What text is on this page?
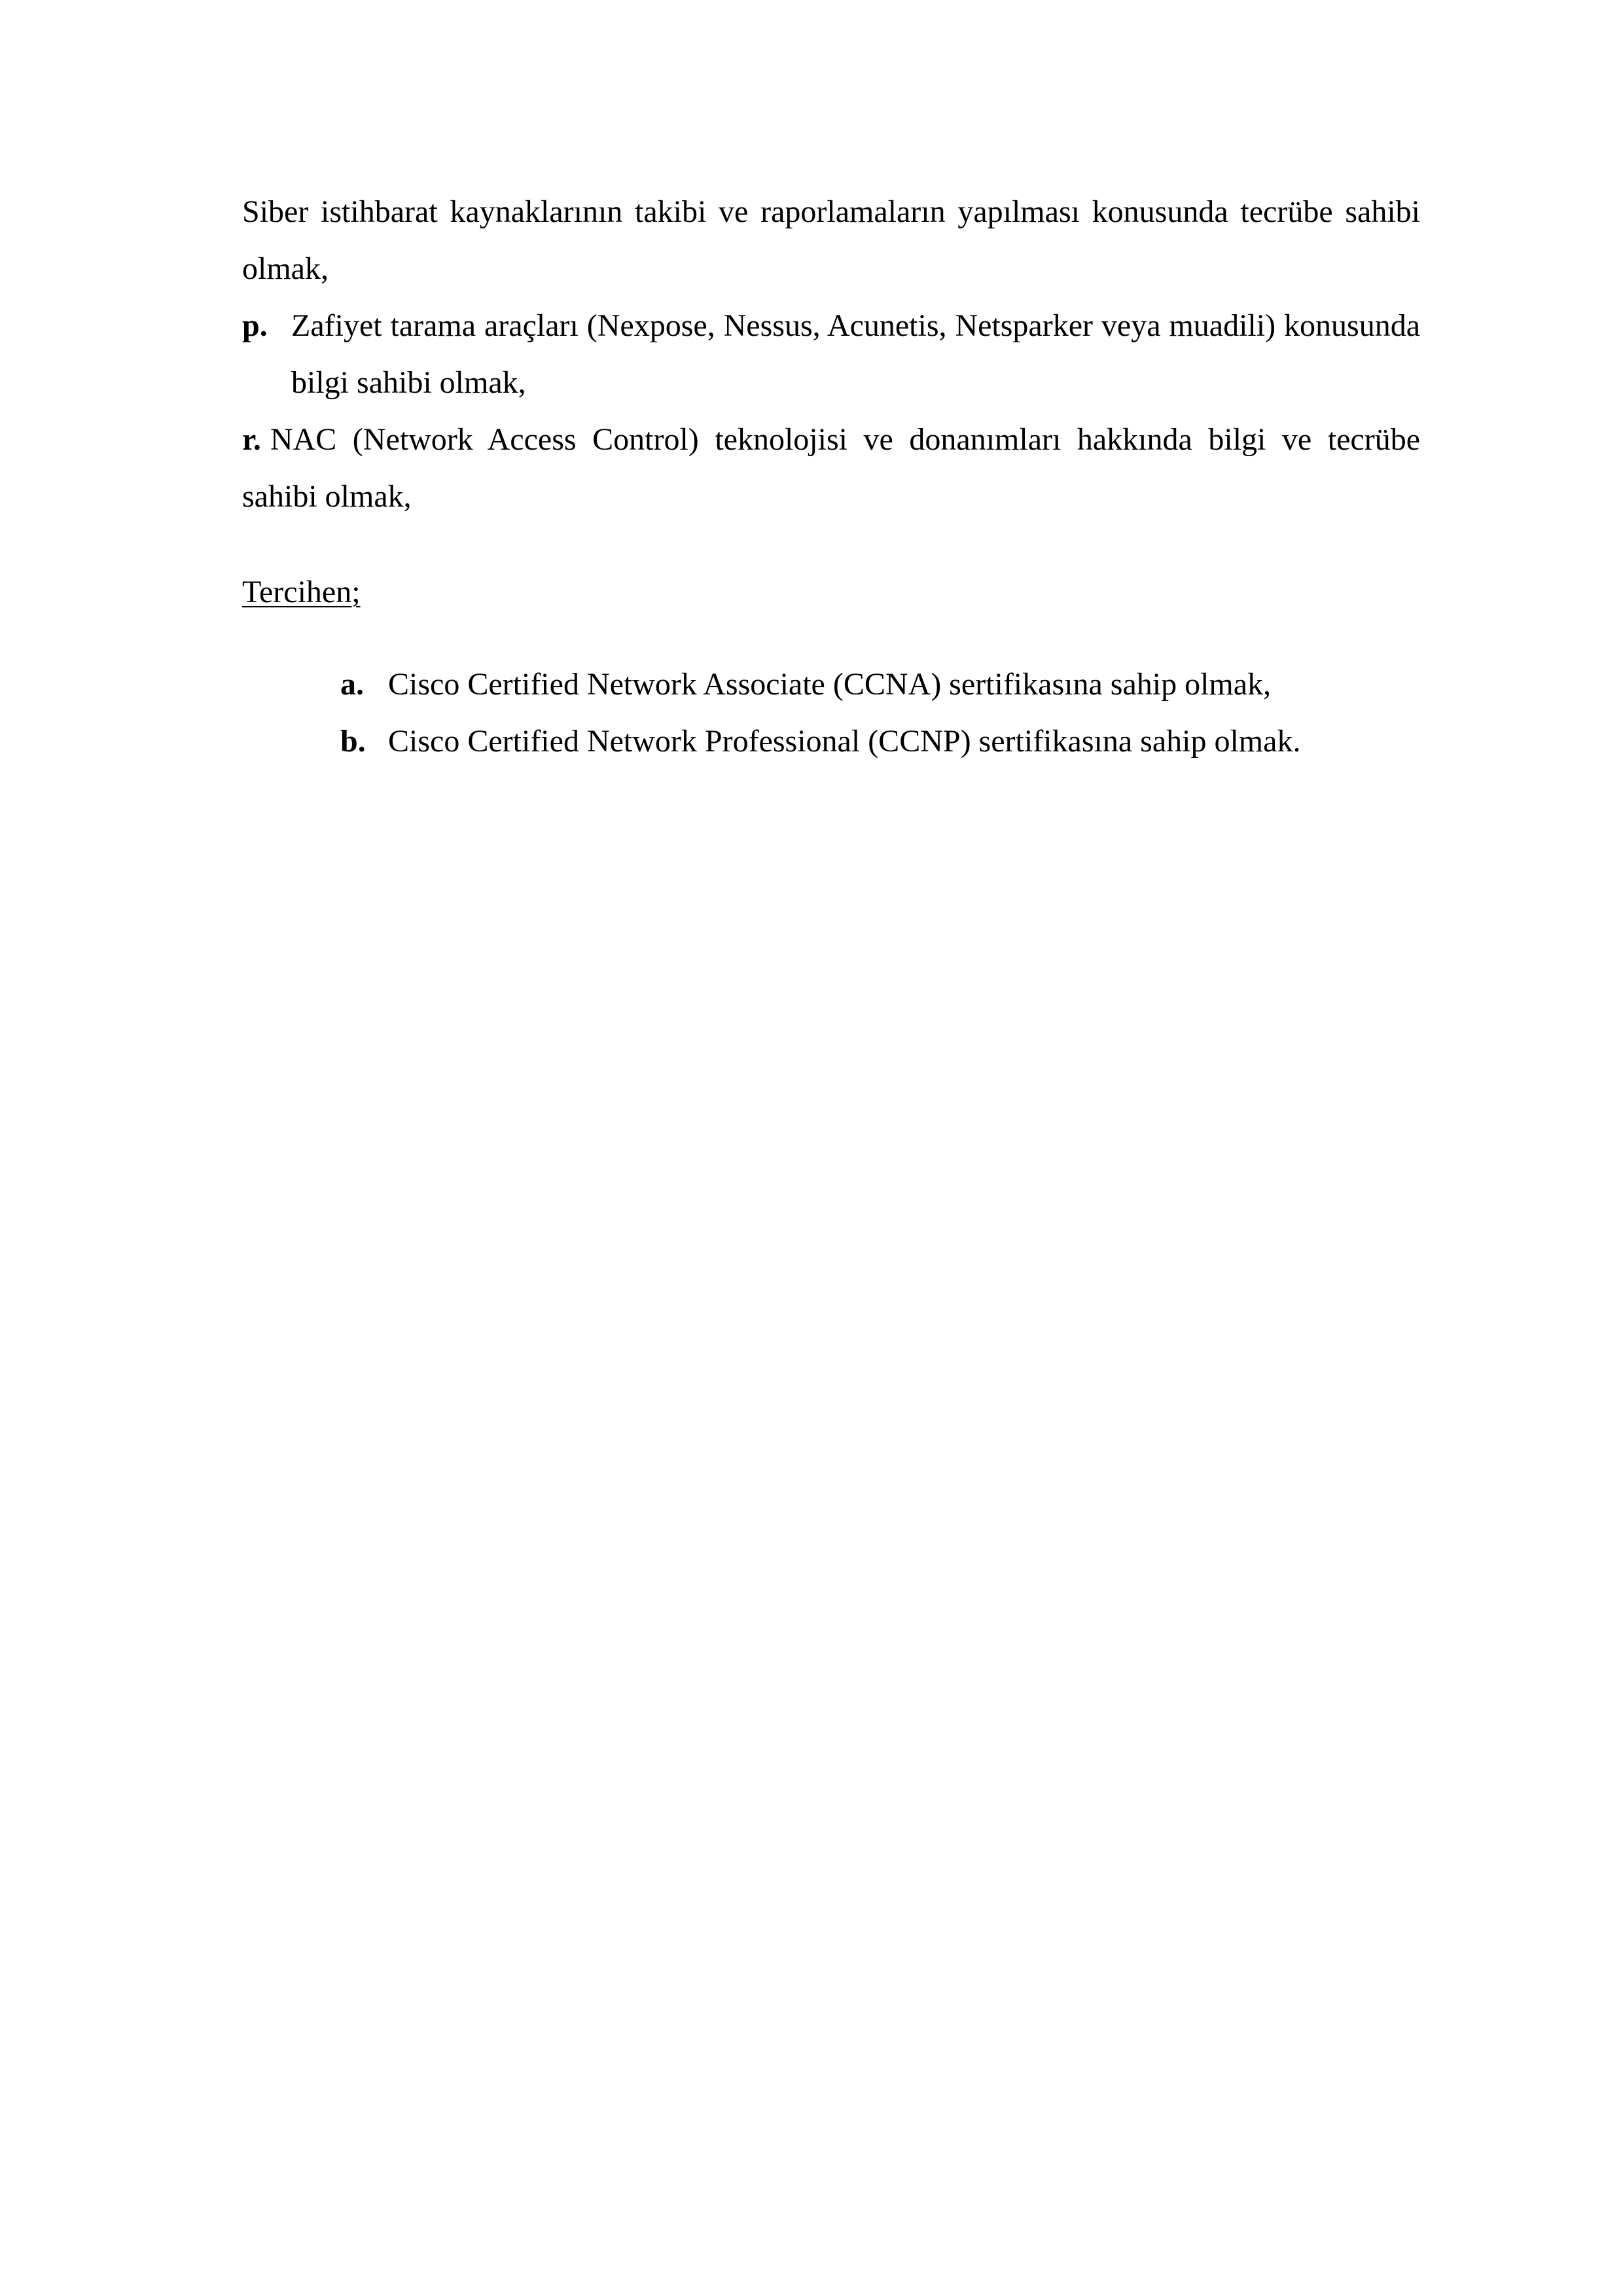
Siber istihbarat kaynaklarının takibi ve raporlamaların yapılması konusunda tecrübe sahibi olmak,

p. Zafiyet tarama araçları (Nexpose, Nessus, Acunetis, Netsparker veya muadili) konusunda bilgi sahibi olmak,

r. NAC (Network Access Control) teknolojisi ve donanımları hakkında bilgi ve tecrübe sahibi olmak,

Tercihen;

a. Cisco Certified Network Associate (CCNA) sertifikasına sahip olmak,
b. Cisco Certified Network Professional (CCNP) sertifikasına sahip olmak.
